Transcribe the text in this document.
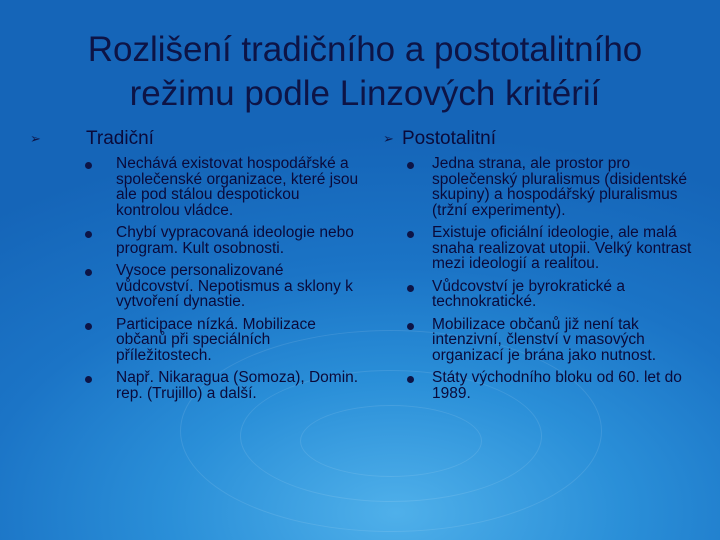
Rozlišení tradičního a postotalitního
režimu podle Linzových kritérií
➢ Tradiční
Nechává existovat hospodářské a společenské organizace, které jsou ale pod stálou despotickou kontrolou vládce.
Chybí vypracovaná ideologie nebo program. Kult osobnosti.
Vysoce personalizované vůdcovství. Nepotismus a sklony k vytvoření dynastie.
Participace nízká. Mobilizace občanů při speciálních příležitostech.
Např. Nikaragua (Somoza), Domin. rep. (Trujillo) a další.
➢ Postotalitní
Jedna strana, ale prostor pro společenský pluralismus (disidentské skupiny) a hospodářský pluralismus (tržní experimenty).
Existuje oficiální ideologie, ale malá snaha realizovat utopii. Velký kontrast mezi ideologií a realitou.
Vůdcovství je byrokratické a technokratické.
Mobilizace občanů již není tak intenzivní, členství v masových organizací je brána jako nutnost.
Státy východního bloku od 60. let do 1989.
